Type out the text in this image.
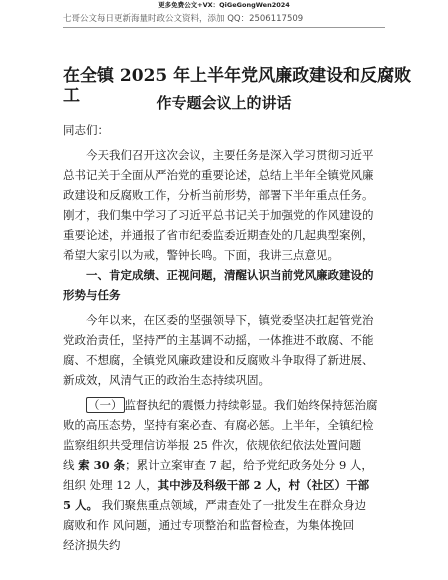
更多免费公文+VX：QiGeGongWen2024
七哥公文每日更新海量时政公文资料，添加 QQ：2506117509
在全镇 2025 年上半年党风廉政建设和反腐败
工	作专题会议上的讲话
同志们：
今天我们召开这次会议，主要任务是深入学习贯彻习近平
总书记关于全面从严治党的重要论述，总结上半年全镇党风廉
政建设和反腐败工作，分析当前形势，部署下半年重点任务。
刚才，我们集中学习了习近平总书记关于加强党的作风建设的
重要论述，并通报了省市纪委监委近期查处的几起典型案例，
希望大家引以为戒，警钟长鸣。下面，我讲三点意见。
一、肯定成绩、正视问题，清醒认识当前党风廉政建设的
形势与任务
今年以来，在区委的坚强领导下，镇党委坚决扛起管党治
党政治责任，坚持严的主基调不动摇，一体推进不敢腐、不能
腐、不想腐，全镇党风廉政建设和反腐败斗争取得了新进展、
新成效，风清气正的政治生态持续巩固。
（一） 监督执纪的震慑力持续彰显。我们始终保持惩治腐
败的高压态势，坚持有案必查、有腐必惩。上半年，全镇纪检
监察组织共受理信访举报 25 件次，依规依纪依法处置问题
线 索 30 条；累计立案审查 7 起，给予党纪政务处分 9 人，
组织 处理 12 人，其中涉及科级干部 2 人，村（社区）干部
5 人。 我们聚焦重点领域，严肃查处了一批发生在群众身边
腐败和作 风问题，通过专项整治和监督检查，为集体挽回
经济损失约
